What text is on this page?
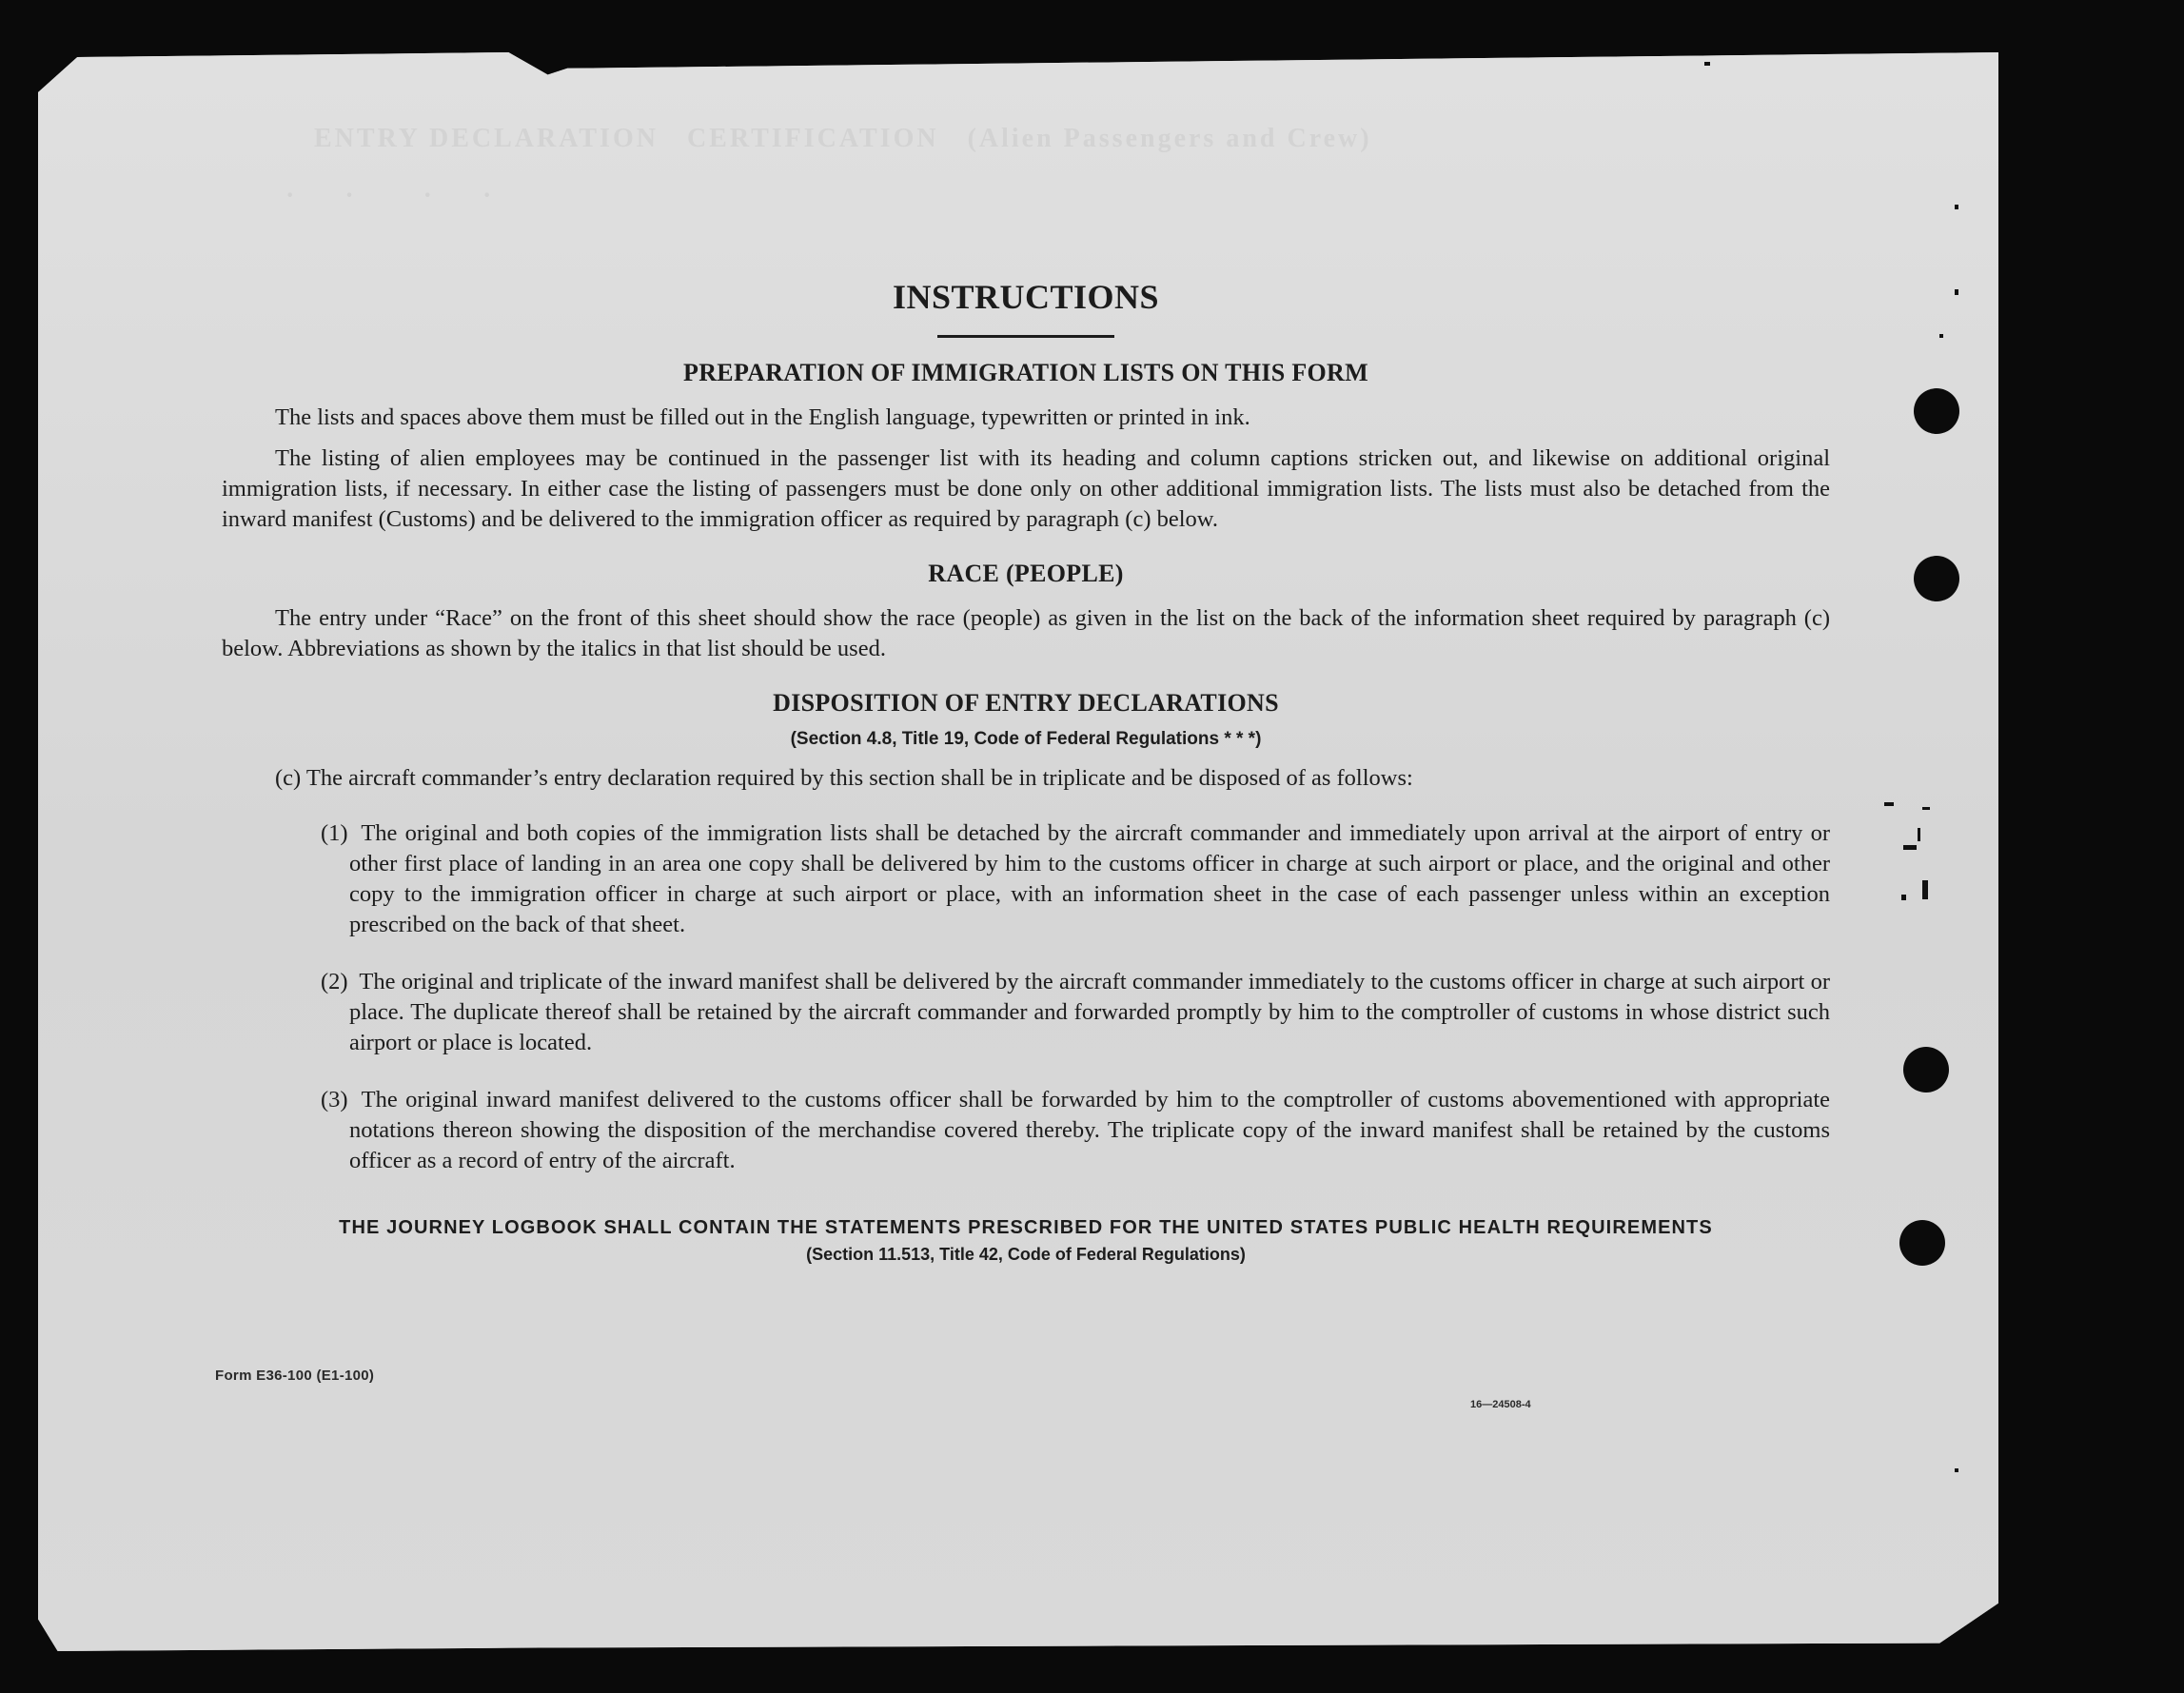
ENTRY DECLARATION   CERTIFICATION   (Alien Passengers and Crew)
·     ·       ·     ·
INSTRUCTIONS
PREPARATION OF IMMIGRATION LISTS ON THIS FORM

The lists and spaces above them must be filled out in the English language, typewritten or printed in ink.

The listing of alien employees may be continued in the passenger list with its heading and column captions stricken out, and likewise on additional original immigration lists, if necessary. In either case the listing of passengers must be done only on other additional immigration lists. The lists must also be detached from the inward manifest (Customs) and be delivered to the immigration officer as required by paragraph (c) below.

RACE (PEOPLE)

The entry under “Race” on the front of this sheet should show the race (people) as given in the list on the back of the information sheet required by paragraph (c) below. Abbreviations as shown by the italics in that list should be used.

DISPOSITION OF ENTRY DECLARATIONS
(Section 4.8, Title 19, Code of Federal Regulations * * *)

(c) The aircraft commander’s entry declaration required by this section shall be in triplicate and be disposed of as follows:

(1) The original and both copies of the immigration lists shall be detached by the aircraft commander and immediately upon arrival at the airport of entry or other first place of landing in an area one copy shall be delivered by him to the customs officer in charge at such airport or place, and the original and other copy to the immigration officer in charge at such airport or place, with an information sheet in the case of each passenger unless within an exception prescribed on the back of that sheet.

(2) The original and triplicate of the inward manifest shall be delivered by the aircraft commander immediately to the customs officer in charge at such airport or place. The duplicate thereof shall be retained by the aircraft commander and forwarded promptly by him to the comptroller of customs in whose district such airport or place is located.

(3) The original inward manifest delivered to the customs officer shall be forwarded by him to the comptroller of customs abovementioned with appropriate notations thereon showing the disposition of the merchandise covered thereby. The triplicate copy of the inward manifest shall be retained by the customs officer as a record of entry of the aircraft.

THE JOURNEY LOGBOOK SHALL CONTAIN THE STATEMENTS PRESCRIBED FOR THE UNITED STATES PUBLIC HEALTH REQUIREMENTS
(Section 11.513, Title 42, Code of Federal Regulations)
Form E36-100 (E1-100)
16—24508-4
